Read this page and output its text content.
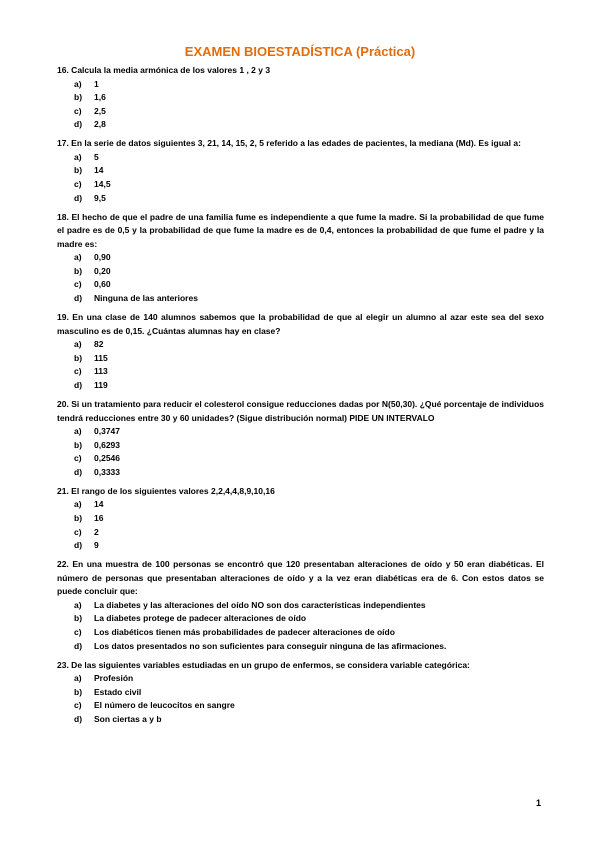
EXAMEN BIOESTADÍSTICA (Práctica)

16. Calcula la media armónica de los valores 1 , 2 y 3

a)	1
b)	1,6
c)	2,5
d)	2,8

17. En la serie de datos siguientes 3, 21, 14, 15, 2, 5 referido a las edades de pacientes, la mediana (Md). Es igual a:

a)	5
b)	14
c)	14,5
d)	9,5

18. El hecho de que el padre de una familia fume es independiente a que fume la madre. Si la probabilidad de que fume el padre es de 0,5 y la probabilidad de que fume la madre es de 0,4, entonces la probabilidad de que fume el padre y la madre es:

a)	0,90
b)	0,20
c)	0,60
d)	Ninguna de las anteriores

19. En una clase de 140 alumnos sabemos que la probabilidad de que al elegir un alumno al azar este sea del sexo masculino es de 0,15. ¿Cuántas alumnas hay en clase?

a)	82
b)	115
c)	113
d)	119

20. Si un tratamiento para reducir el colesterol consigue reducciones dadas por N(50,30). ¿Qué porcentaje de individuos tendrá reducciones entre 30 y 60 unidades? (Sigue distribución normal) PIDE UN INTERVALO

a)	0,3747
b)	0,6293
c)	0,2546
d)	0,3333

21. El rango de los siguientes valores 2,2,4,4,8,9,10,16

a)	14
b)	16
c)	2
d)	9

22. En una muestra de 100 personas se encontró que 120 presentaban alteraciones de oído y 50 eran diabéticas. El número de personas que presentaban alteraciones de oído y a la vez eran diabéticas era de 6. Con estos datos se puede concluir que:

a)	La diabetes y las alteraciones del oído NO son dos características independientes
b)	La diabetes protege de padecer alteraciones de oído
c)	Los diabéticos tienen más probabilidades de padecer alteraciones de oído
d)	Los datos presentados no son suficientes para conseguir ninguna de las afirmaciones.

23. De las siguientes variables estudiadas en un grupo de enfermos, se considera variable categórica:

a)	Profesión
b)	Estado civil
c)	El número de leucocitos en sangre
d)	Son ciertas a y b
1
